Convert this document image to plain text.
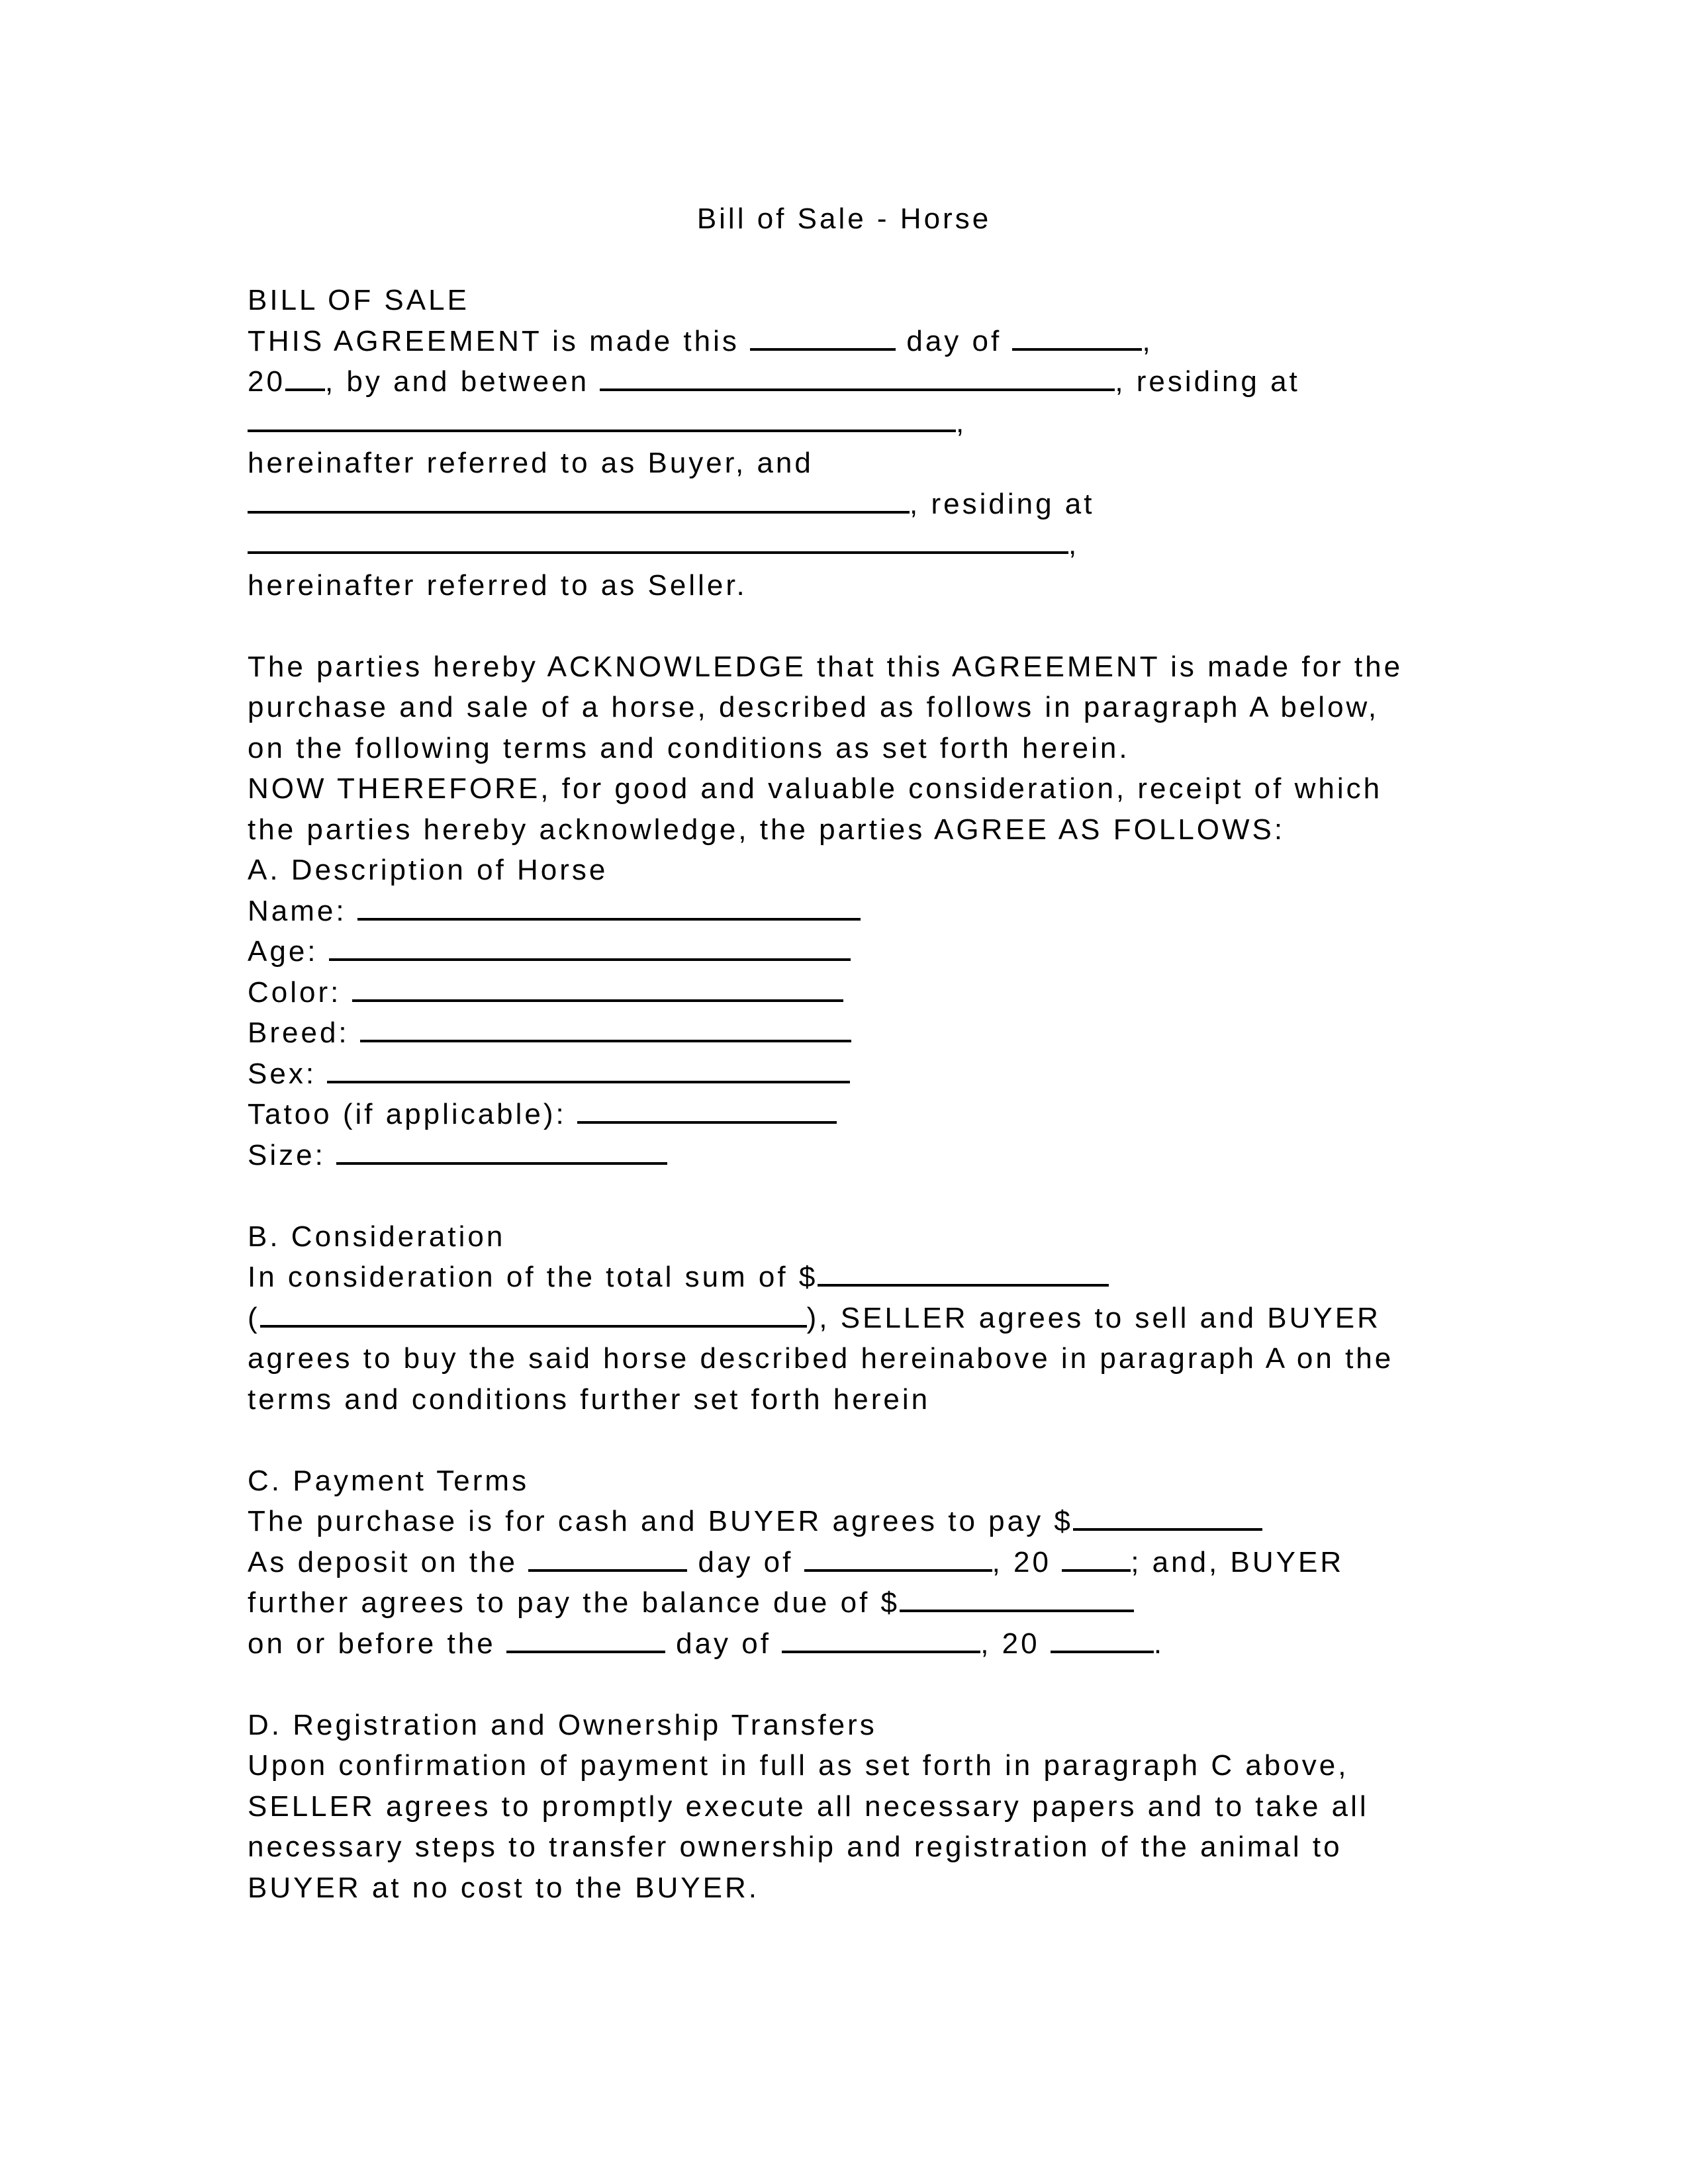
Bill of Sale - Horse
BILL OF SALE
THIS AGREEMENT is made this	day of	,
20 , by and between	, residing at
,
hereinafter referred to as Buyer, and
, residing at
,
hereinafter referred to as Seller.
The parties hereby ACKNOWLEDGE that this AGREEMENT is made for the
purchase and sale of a horse, described as follows in paragraph A below,
on the following terms and conditions as set forth herein.
NOW THEREFORE, for good and valuable consideration, receipt of which
the parties hereby acknowledge, the parties AGREE AS FOLLOWS:
A. Description of Horse
Name:
Age:
Color:
Breed:
Sex:
Tatoo (if applicable):
Size:
B. Consideration
In consideration of the total sum of $
(	), SELLER agrees to sell and BUYER
agrees to buy the said horse described hereinabove in paragraph A on the
terms and conditions further set forth herein
C. Payment Terms
The purchase is for cash and BUYER agrees to pay $
As deposit on the	day of	, 20 ; and, BUYER
further agrees to pay the balance due of $
on or before the	day of	, 20	.
D. Registration and Ownership Transfers
Upon confirmation of payment in full as set forth in paragraph C above,
SELLER agrees to promptly execute all necessary papers and to take all
necessary steps to transfer ownership and registration of the animal to
BUYER at no cost to the BUYER.
